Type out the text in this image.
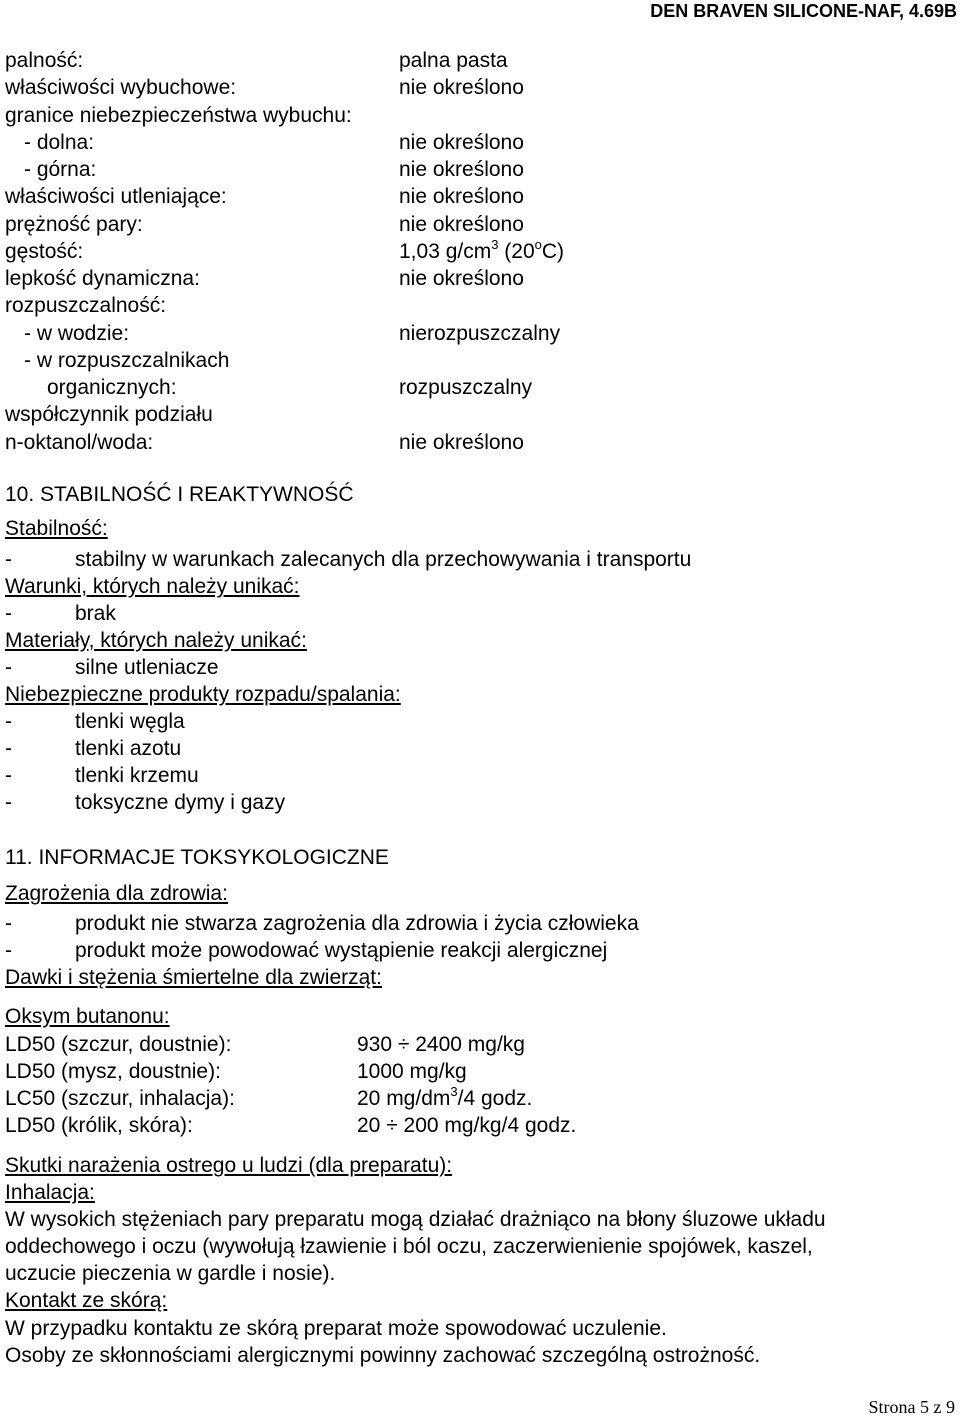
DEN BRAVEN SILICONE-NAF, 4.69B
palność:	palna pasta
właściwości wybuchowe:	nie określono
granice niebezpieczeństwa wybuchu:	
- dolna:	nie określono
- górna:	nie określono
właściwości utleniające:	nie określono
prężność pary:	nie określono
gęstość:	1,03 $g/cm^3$ (20$^o$C)
lepkość dynamiczna:	nie określono
rozpuszczalność:	
- w wodzie:	nierozpuszczalny
- w rozpuszczalnikach	
organicznych:	rozpuszczalny
współczynnik podziału	
n-oktanol/woda:	nie określono
10. STABILNOŚĆ I REAKTYWNOŚĆ
Stabilność:
-	stabilny w warunkach zalecanych dla przechowywania i transportu
Warunki, których należy unikać:
-	brak
Materiały, których należy unikać:
-	silne utleniacze
Niebezpieczne produkty rozpadu/spalania:
-	tlenki węgla
-	tlenki azotu
-	tlenki krzemu
-	toksyczne dymy i gazy
11. INFORMACJE TOKSYKOLOGICZNE
Zagrożenia dla zdrowia:
-	produkt nie stwarza zagrożenia dla zdrowia i życia człowieka
-	produkt może powodować wystąpienie reakcji alergicznej
Dawki i stężenia śmiertelne dla zwierząt:
Oksym butanonu:
LD50 (szczur, doustnie):	930 ÷ 2400 mg/kg
LD50 (mysz, doustnie):	1000 mg/kg
LC50 (szczur, inhalacja):	20 $mg/dm^3/4$ godz.
LD50 (królik, skóra):	20 ÷ 200 mg/kg/4 godz.
Skutki narażenia ostrego u ludzi (dla preparatu):
Inhalacja:
W wysokich stężeniach pary preparatu mogą działać drażniąco na błony śluzowe układu
oddechowego i oczu (wywołują łzawienie i ból oczu, zaczerwienienie spojówek, kaszel,
uczucie pieczenia w gardle i nosie).
Kontakt ze skórą:
W przypadku kontaktu ze skórą preparat może spowodować uczulenie.
Osoby ze skłonnościami alergicznymi powinny zachować szczególną ostrożność.
Strona 5 z 9
